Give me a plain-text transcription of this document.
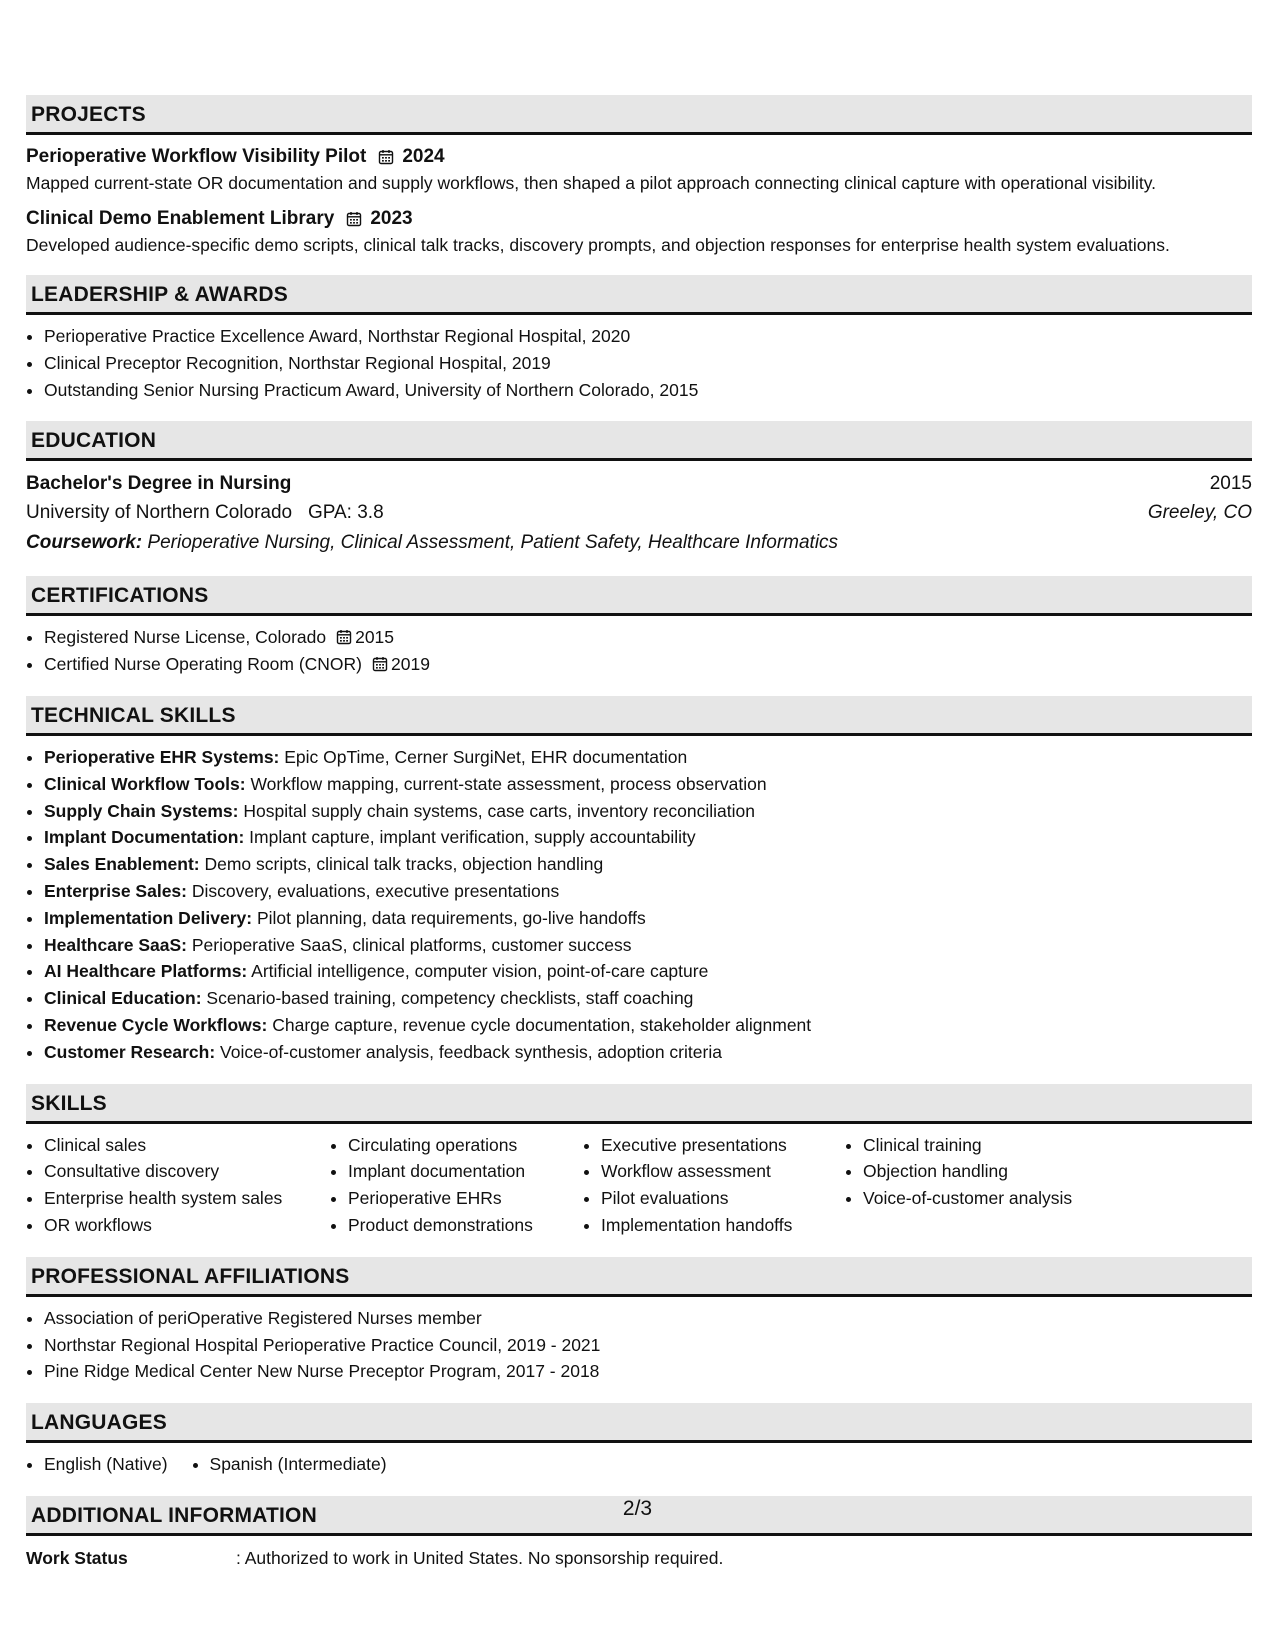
PROJECTS
Perioperative Workflow Visibility Pilot 2024
Mapped current-state OR documentation and supply workflows, then shaped a pilot approach connecting clinical capture with operational visibility.
Clinical Demo Enablement Library 2023
Developed audience-specific demo scripts, clinical talk tracks, discovery prompts, and objection responses for enterprise health system evaluations.
LEADERSHIP & AWARDS
• Perioperative Practice Excellence Award, Northstar Regional Hospital, 2020
• Clinical Preceptor Recognition, Northstar Regional Hospital, 2019
• Outstanding Senior Nursing Practicum Award, University of Northern Colorado, 2015
EDUCATION
Bachelor's Degree in Nursing	2015
University of Northern Colorado   GPA: 3.8	Greeley, CO
Coursework: Perioperative Nursing, Clinical Assessment, Patient Safety, Healthcare Informatics
CERTIFICATIONS
• Registered Nurse License, Colorado 2015
• Certified Nurse Operating Room (CNOR) 2019
TECHNICAL SKILLS
• Perioperative EHR Systems: Epic OpTime, Cerner SurgiNet, EHR documentation
• Clinical Workflow Tools: Workflow mapping, current-state assessment, process observation
• Supply Chain Systems: Hospital supply chain systems, case carts, inventory reconciliation
• Implant Documentation: Implant capture, implant verification, supply accountability
• Sales Enablement: Demo scripts, clinical talk tracks, objection handling
• Enterprise Sales: Discovery, evaluations, executive presentations
• Implementation Delivery: Pilot planning, data requirements, go-live handoffs
• Healthcare SaaS: Perioperative SaaS, clinical platforms, customer success
• AI Healthcare Platforms: Artificial intelligence, computer vision, point-of-care capture
• Clinical Education: Scenario-based training, competency checklists, staff coaching
• Revenue Cycle Workflows: Charge capture, revenue cycle documentation, stakeholder alignment
• Customer Research: Voice-of-customer analysis, feedback synthesis, adoption criteria
SKILLS
• Clinical sales
• Consultative discovery
• Enterprise health system sales
• OR workflows
• Circulating operations
• Implant documentation
• Perioperative EHRs
• Product demonstrations
• Executive presentations
• Workflow assessment
• Pilot evaluations
• Implementation handoffs
• Clinical training
• Objection handling
• Voice-of-customer analysis
PROFESSIONAL AFFILIATIONS
• Association of periOperative Registered Nurses member
• Northstar Regional Hospital Perioperative Practice Council, 2019 - 2021
• Pine Ridge Medical Center New Nurse Preceptor Program, 2017 - 2018
LANGUAGES
• English (Native)
• Spanish (Intermediate)
ADDITIONAL INFORMATION
Work Status	: Authorized to work in United States. No sponsorship required.
2/3
